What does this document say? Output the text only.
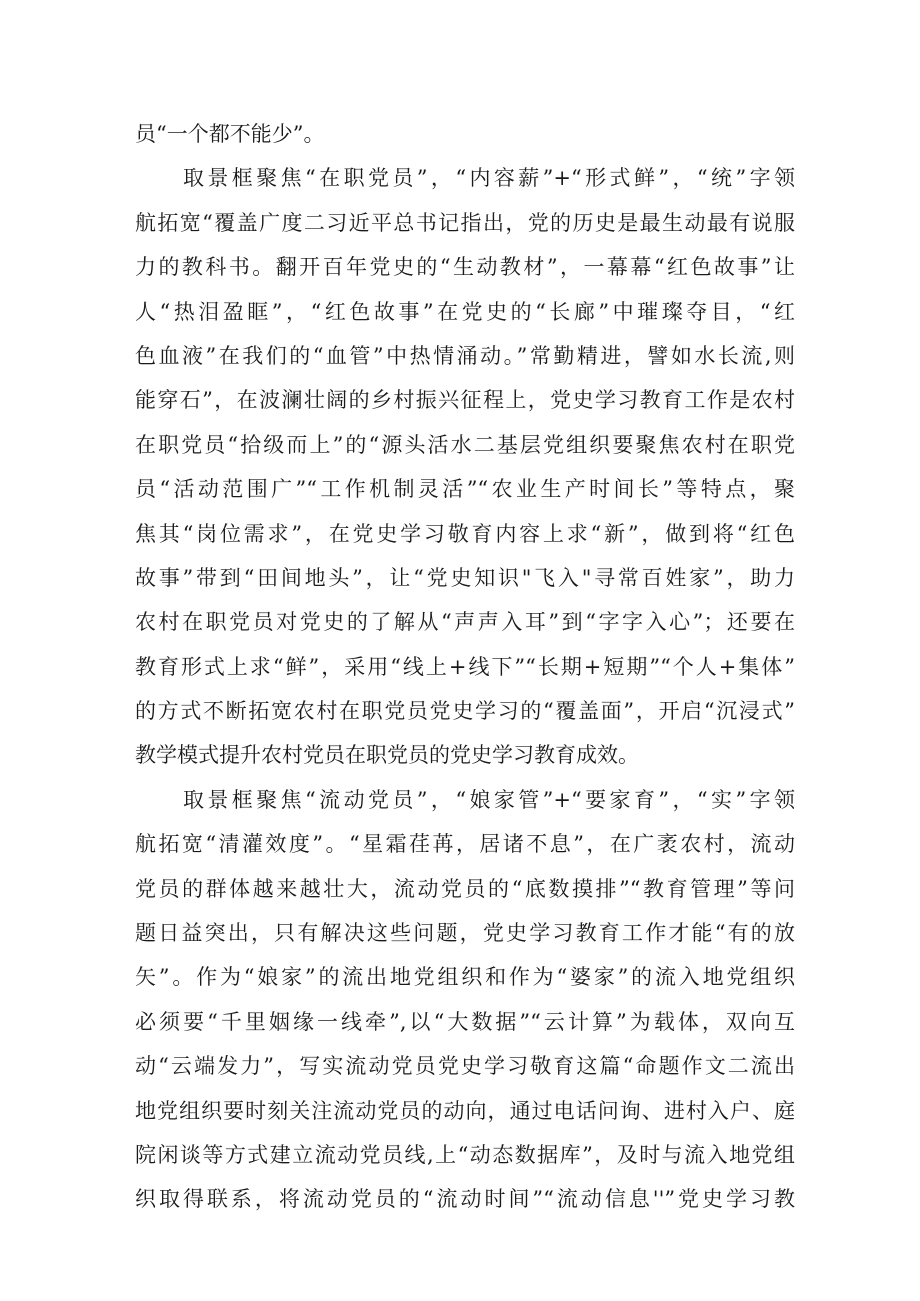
员“一个都不能少”。
取景框聚焦“在职党员”，“内容薪”+“形式鲜”，“统”字领
航拓宽“覆盖广度二习近平总书记指出，党的历史是最生动最有说服
力的教科书。翻开百年党史的“生动教材”，一幕幕“红色故事”让
人“热泪盈眶”，“红色故事”在党史的“长廊”中璀璨夺目，“红
色血液”在我们的“血管”中热情涌动。”常勤精进，譬如水长流,则
能穿石”，在波澜壮阔的乡村振兴征程上，党史学习教育工作是农村
在职党员“拾级而上”的“源头活水二基层党组织要聚焦农村在职党
员“活动范围广”“工作机制灵活”“农业生产时间长”等特点，聚
焦其“岗位需求”，在党史学习敬育内容上求“新”，做到将“红色
故事”带到“田间地头”，让“党史知识"飞入"寻常百姓家”，助力
农村在职党员对党史的了解从“声声入耳”到“字字入心”；还要在
教育形式上求“鲜”，采用“线上+线下”“长期+短期”“个人+集体”
的方式不断拓宽农村在职党员党史学习的“覆盖面”，开启“沉浸式”
教学模式提升农村党员在职党员的党史学习教育成效。
取景框聚焦“流动党员”，“娘家管”+“要家育”，“实”字领
航拓宽“清灌效度”。“星霜荏苒，居诸不息”，在广袤农村，流动
党员的群体越来越壮大，流动党员的“底数摸排”“教育管理”等问
题日益突出，只有解决这些问题，党史学习教育工作才能“有的放
矢”。作为“娘家”的流出地党组织和作为“婆家”的流入地党组织
必须要“千里姻缘一线牵”,以“大数据”“云计算”为载体，双向互
动“云端发力”，写实流动党员党史学习敬育这篇“命题作文二流出
地党组织要时刻关注流动党员的动向，通过电话问询、进村入户、庭
院闲谈等方式建立流动党员线,上“动态数据库”，及时与流入地党组
织取得联系，将流动党员的“流动时间”“流动信息''”党史学习教
